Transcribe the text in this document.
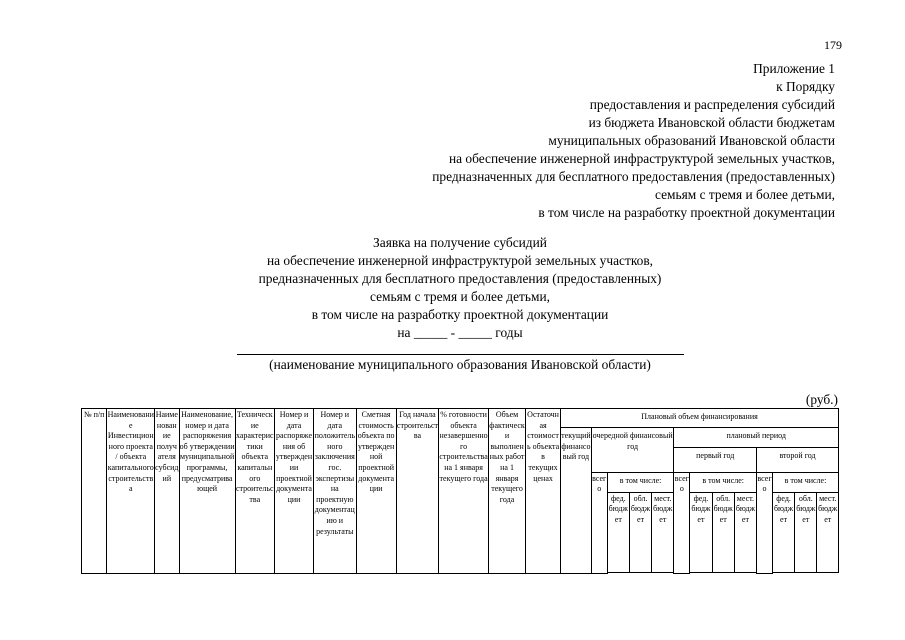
179
Приложение 1
к Порядку
предоставления и распределения субсидий
из бюджета Ивановской области бюджетам
муниципальных образований Ивановской области
на обеспечение инженерной инфраструктурой земельных участков,
предназначенных для бесплатного предоставления (предоставленных)
семьям с тремя и более детьми,
в том числе на разработку проектной документации
Заявка на получение субсидий
на обеспечение инженерной инфраструктурой земельных участков,
предназначенных для бесплатного предоставления (предоставленных)
семьям с тремя и более детьми,
в том числе на разработку проектной документации
на _____ - _____ годы
(наименование муниципального образования Ивановской области)
(руб.)
№ п/п	Наименование Инвестиционного проекта / объекта капитального строительства	Наименование получателя субсидий	Наименование, номер и дата распоряжения об утверждении муниципальной программы, предусматривающей	Технические характеристики объекта капитального строительства	Номер и дата распоряжения об утверждении проектной документации	Номер и дата положительного заключения гос. экспертизы на проектную документацию и результаты	Сметная стоимость объекта по утвержденной проектной документации	Год начала строительства	% готовности объекта незавершенного строительства на 1 января текущего года	Объем фактически выполненных работ на 1 января текущего года	Остаточная стоимость объекта в текущих ценах	Плановый объем финансирования												
												текущий финансовый год	очередной финансовый год				плановый период							
																	первый год				второй год			
													всего	в том числе:			всего	в том числе:			всего	в том числе:		
														фед. бюджет	обл. бюджет	мест. бюджет		фед. бюджет	обл. бюджет	мест. бюджет		фед. бюджет	обл. бюджет	мест. бюджет
